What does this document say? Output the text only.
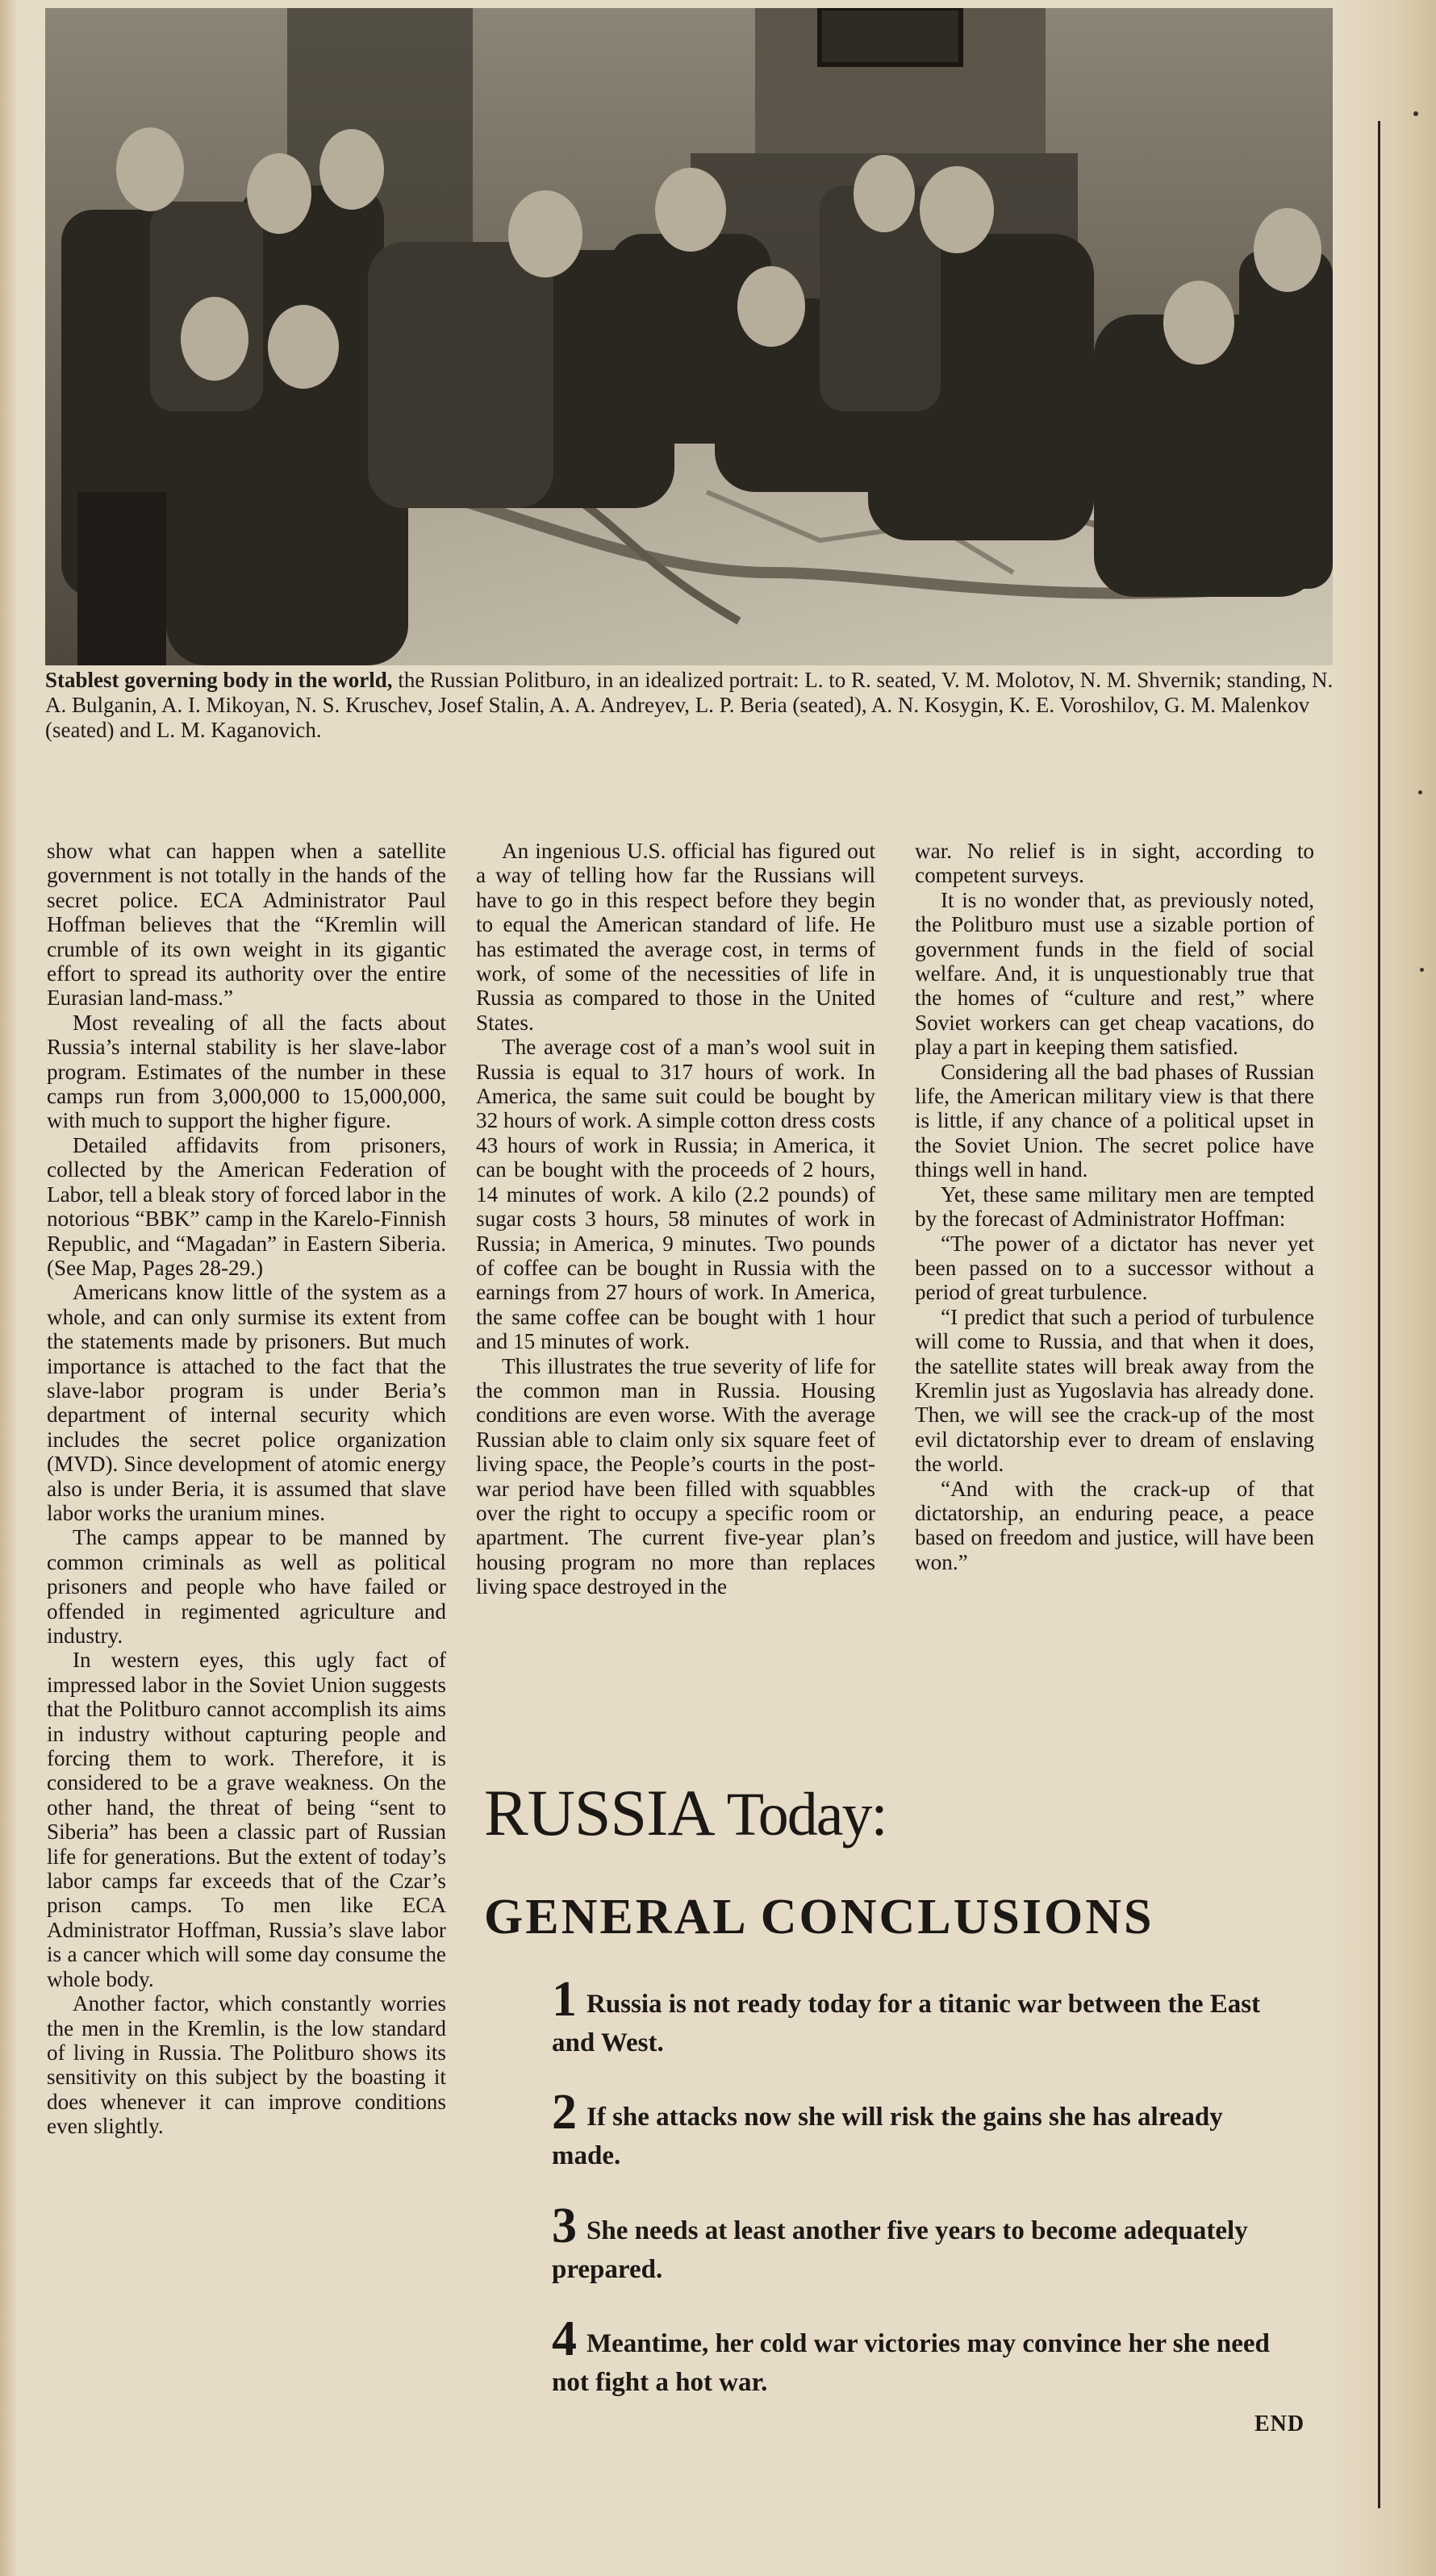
Stablest governing body in the world, the Russian Politburo, in an idealized portrait: L. to R. seated, V. M. Molotov, N. M. Shvernik; standing, N. A. Bulganin, A. I. Mikoyan, N. S. Kruschev, Josef Stalin, A. A. Andreyev, L. P. Beria (seated), A. N. Kosygin, K. E. Voroshilov, G. M. Malenkov (seated) and L. M. Kaganovich.

show what can happen when a satellite government is not totally in the hands of the secret police. ECA Administrator Paul Hoffman believes that the “Kremlin will crumble of its own weight in its gigantic effort to spread its authority over the entire Eurasian land-mass.”

Most revealing of all the facts about Russia’s internal stability is her slave-labor program. Estimates of the number in these camps run from 3,000,000 to 15,000,000, with much to support the higher figure.

Detailed affidavits from prisoners, collected by the American Federation of Labor, tell a bleak story of forced labor in the notorious “BBK” camp in the Karelo-Finnish Republic, and “Magadan” in Eastern Siberia. (See Map, Pages 28-29.)

Americans know little of the system as a whole, and can only surmise its extent from the statements made by prisoners. But much importance is attached to the fact that the slave-labor program is under Beria’s department of internal security which includes the secret police organization (MVD). Since development of atomic energy also is under Beria, it is assumed that slave labor works the uranium mines.

The camps appear to be manned by common criminals as well as political prisoners and people who have failed or offended in regimented agriculture and industry.

In western eyes, this ugly fact of impressed labor in the Soviet Union suggests that the Politburo cannot accomplish its aims in industry without capturing people and forcing them to work. Therefore, it is considered to be a grave weakness. On the other hand, the threat of being “sent to Siberia” has been a classic part of Russian life for generations. But the extent of today’s labor camps far exceeds that of the Czar’s prison camps. To men like ECA Administrator Hoffman, Russia’s slave labor is a cancer which will some day consume the whole body.

Another factor, which constantly worries the men in the Kremlin, is the low standard of living in Russia. The Politburo shows its sensitivity on this subject by the boasting it does whenever it can improve conditions even slightly.

An ingenious U.S. official has figured out a way of telling how far the Russians will have to go in this respect before they begin to equal the American standard of life. He has estimated the average cost, in terms of work, of some of the necessities of life in Russia as compared to those in the United States.

The average cost of a man’s wool suit in Russia is equal to 317 hours of work. In America, the same suit could be bought by 32 hours of work. A simple cotton dress costs 43 hours of work in Russia; in America, it can be bought with the proceeds of 2 hours, 14 minutes of work. A kilo (2.2 pounds) of sugar costs 3 hours, 58 minutes of work in Russia; in America, 9 minutes. Two pounds of coffee can be bought in Russia with the earnings from 27 hours of work. In America, the same coffee can be bought with 1 hour and 15 minutes of work.

This illustrates the true severity of life for the common man in Russia. Housing conditions are even worse. With the average Russian able to claim only six square feet of living space, the People’s courts in the post-war period have been filled with squabbles over the right to occupy a specific room or apartment. The current five-year plan’s housing program no more than replaces living space destroyed in the

war. No relief is in sight, according to competent surveys.

It is no wonder that, as previously noted, the Politburo must use a sizable portion of government funds in the field of social welfare. And, it is unquestionably true that the homes of “culture and rest,” where Soviet workers can get cheap vacations, do play a part in keeping them satisfied.

Considering all the bad phases of Russian life, the American military view is that there is little, if any chance of a political upset in the Soviet Union. The secret police have things well in hand.

Yet, these same military men are tempted by the forecast of Administrator Hoffman:

“The power of a dictator has never yet been passed on to a successor without a period of great turbulence.

“I predict that such a period of turbulence will come to Russia, and that when it does, the satellite states will break away from the Kremlin just as Yugoslavia has already done. Then, we will see the crack-up of the most evil dictatorship ever to dream of enslaving the world.

“And with the crack-up of that dictatorship, an enduring peace, a peace based on freedom and justice, will have been won.”

RUSSIA Today:
GENERAL CONCLUSIONS
1 Russia is not ready today for a titanic war between the East and West.
2 If she attacks now she will risk the gains she has already made.
3 She needs at least another five years to become adequately prepared.
4 Meantime, her cold war victories may convince her she need not fight a hot war.
END
